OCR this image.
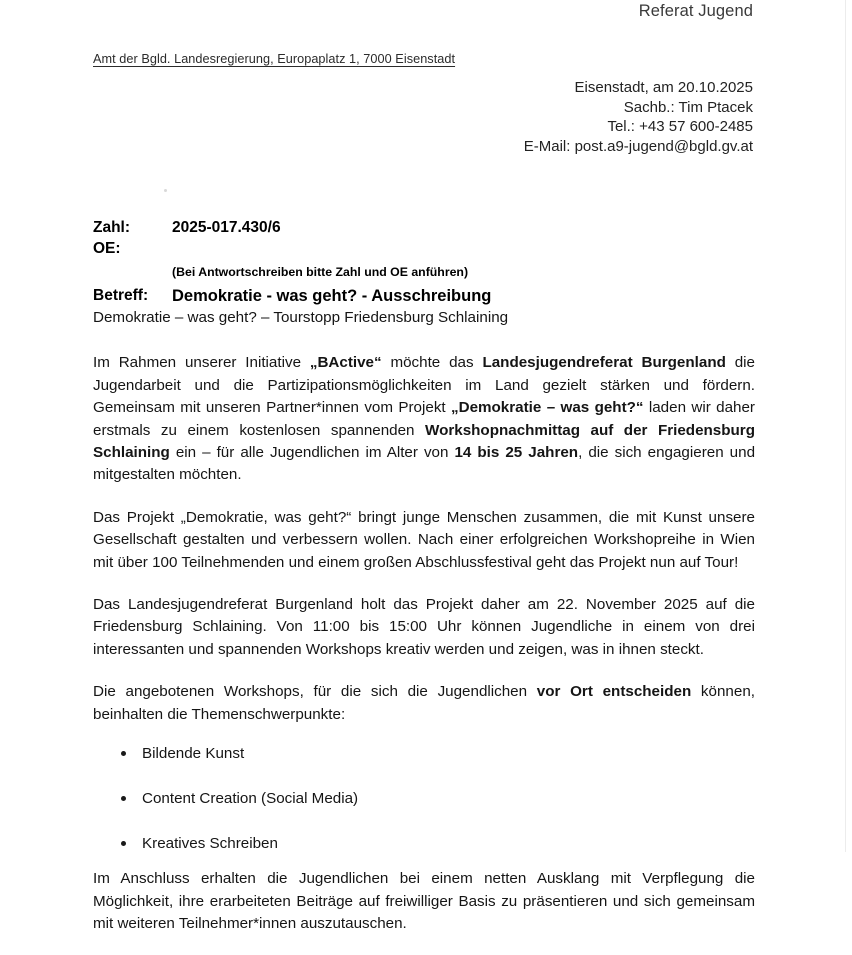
Referat Jugend
Amt der Bgld. Landesregierung, Europaplatz 1, 7000 Eisenstadt
Eisenstadt, am 20.10.2025
Sachb.: Tim Ptacek
Tel.: +43 57 600-2485
E-Mail: post.a9-jugend@bgld.gv.at
Zahl:	2025-017.430/6
OE:
(Bei Antwortschreiben bitte Zahl und OE anführen)
Betreff:	Demokratie - was geht? - Ausschreibung

Demokratie – was geht? – Tourstopp Friedensburg Schlaining

Im Rahmen unserer Initiative „BActive“ möchte das Landesjugendreferat Burgenland die Jugendarbeit und die Partizipationsmöglichkeiten im Land gezielt stärken und fördern. Gemeinsam mit unseren Partner*innen vom Projekt „Demokratie – was geht?“ laden wir daher erstmals zu einem kostenlosen spannenden Workshopnachmittag auf der Friedensburg Schlaining ein – für alle Jugendlichen im Alter von 14 bis 25 Jahren, die sich engagieren und mitgestalten möchten.

Das Projekt „Demokratie, was geht?“ bringt junge Menschen zusammen, die mit Kunst unsere Gesellschaft gestalten und verbessern wollen. Nach einer erfolgreichen Workshopreihe in Wien mit über 100 Teilnehmenden und einem großen Abschlussfestival geht das Projekt nun auf Tour!

Das Landesjugendreferat Burgenland holt das Projekt daher am 22. November 2025 auf die Friedensburg Schlaining. Von 11:00 bis 15:00 Uhr können Jugendliche in einem von drei interessanten und spannenden Workshops kreativ werden und zeigen, was in ihnen steckt.

Die angebotenen Workshops, für die sich die Jugendlichen vor Ort entscheiden können, beinhalten die Themenschwerpunkte:

Bildende Kunst
Content Creation (Social Media)
Kreatives Schreiben

Im Anschluss erhalten die Jugendlichen bei einem netten Ausklang mit Verpflegung die Möglichkeit, ihre erarbeiteten Beiträge auf freiwilliger Basis zu präsentieren und sich gemeinsam mit weiteren Teilnehmer*innen auszutauschen.
